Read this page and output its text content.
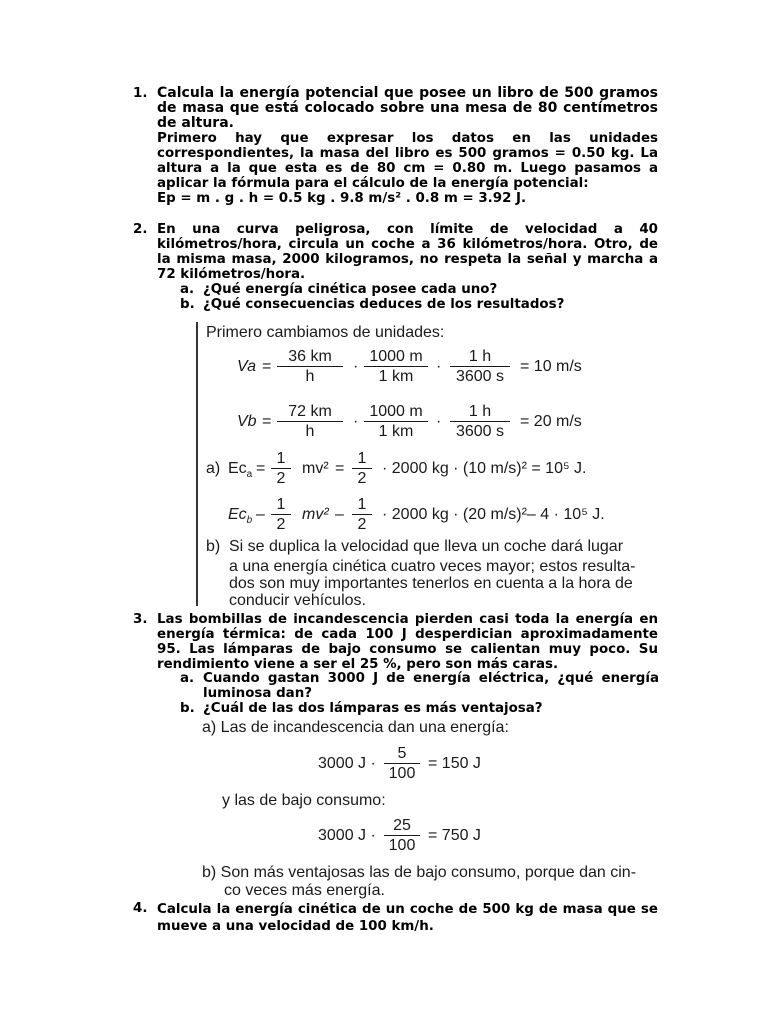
1. Calcula la energía potencial que posee un libro de 500 gramos de masa que está colocado sobre una mesa de 80 centímetros de altura.

Primero hay que expresar los datos en las unidades correspondientes, la masa del libro es 500 gramos = 0.50 kg. La altura a la que esta es de 80 cm = 0.80 m. Luego pasamos a aplicar la fórmula para el cálculo de la energía potencial:

Ep = m . g . h = 0.5 kg . 9.8 m/s² . 0.8 m = 3.92 J.

2. En una curva peligrosa, con límite de velocidad a 40 kilómetros/hora, circula un coche a 36 kilómetros/hora. Otro, de la misma masa, 2000 kilogramos, no respeta la señal y marcha a 72 kilómetros/hora.

a. ¿Qué energía cinética posee cada uno?
b. ¿Qué consecuencias deduces de los resultados?
Primero cambiamos de unidades:
$Va = \frac{36 km}{h} \cdot \frac{1000 m}{1 km} \cdot \frac{1 h}{3600 s} = 10$ m/s
$Vb = \frac{72 km}{h} \cdot \frac{1000 m}{1 km} \cdot \frac{1 h}{3600 s} = 20$ m/s
a) $Ec_a = \frac{1}{2} mv^2 = \frac{1}{2} \cdot 2000$ kg · (10 m/s)² = 10⁵ J.
$Ec_b - \frac{1}{2} mv^2 - \frac{1}{2} \cdot 2000$ kg · (20 m/s)²– 4 · 10⁵ J.
b) Si se duplica la velocidad que lleva un coche dará lugar
a una energía cinética cuatro veces mayor; estos resulta-
dos son muy importantes tenerlos en cuenta a la hora de
conducir vehículos.
3. Las bombillas de incandescencia pierden casi toda la energía en energía térmica: de cada 100 J desperdician aproximadamente 95. Las lámparas de bajo consumo se calientan muy poco. Su rendimiento viene a ser el 25 %, pero son más caras.

a. Cuando gastan 3000 J de energía eléctrica, ¿qué energía luminosa dan?
b. ¿Cuál de las dos lámparas es más ventajosa?
a) Las de incandescencia dan una energía:
3000 $J \cdot \frac{5}{100} = 150$ J
y las de bajo consumo:
3000 $J \cdot \frac{25}{100} = 750$ J
b) Son más ventajosas las de bajo consumo, porque dan cin-
co veces más energía.
4. Calcula la energía cinética de un coche de 500 kg de masa que se mueve a una velocidad de 100 km/h.
